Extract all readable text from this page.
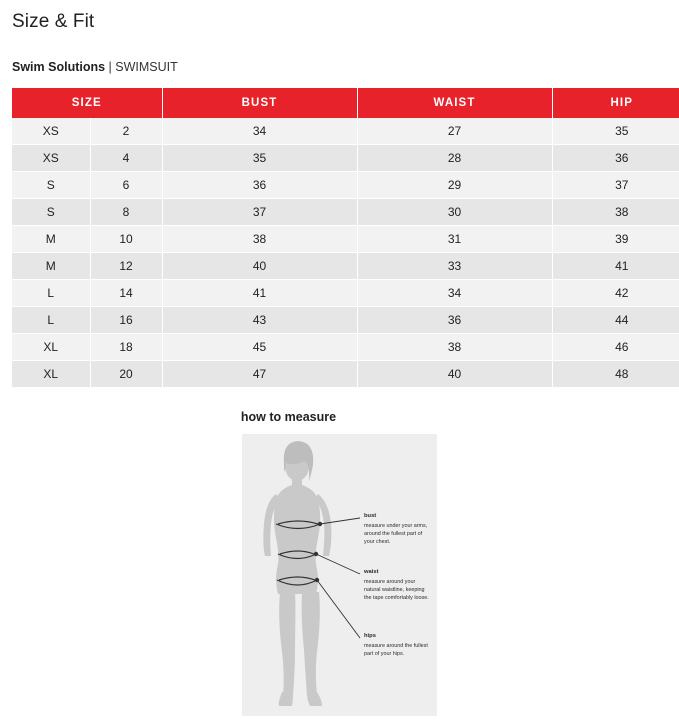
Size & Fit
Swim Solutions | SWIMSUIT
SIZE		BUST	WAIST	HIP
XS	2	34	27	35
XS	4	35	28	36
S	6	36	29	37
S	8	37	30	38
M	10	38	31	39
M	12	40	33	41
L	14	41	34	42
L	16	43	36	44
XL	18	45	38	46
XL	20	47	40	48
how to measure
bust
measure under your arms, around the fullest part of your chest.
waist
measure around your natural waistline, keeping the tape comfortably loose.
hips
measure around the fullest part of your hips.
